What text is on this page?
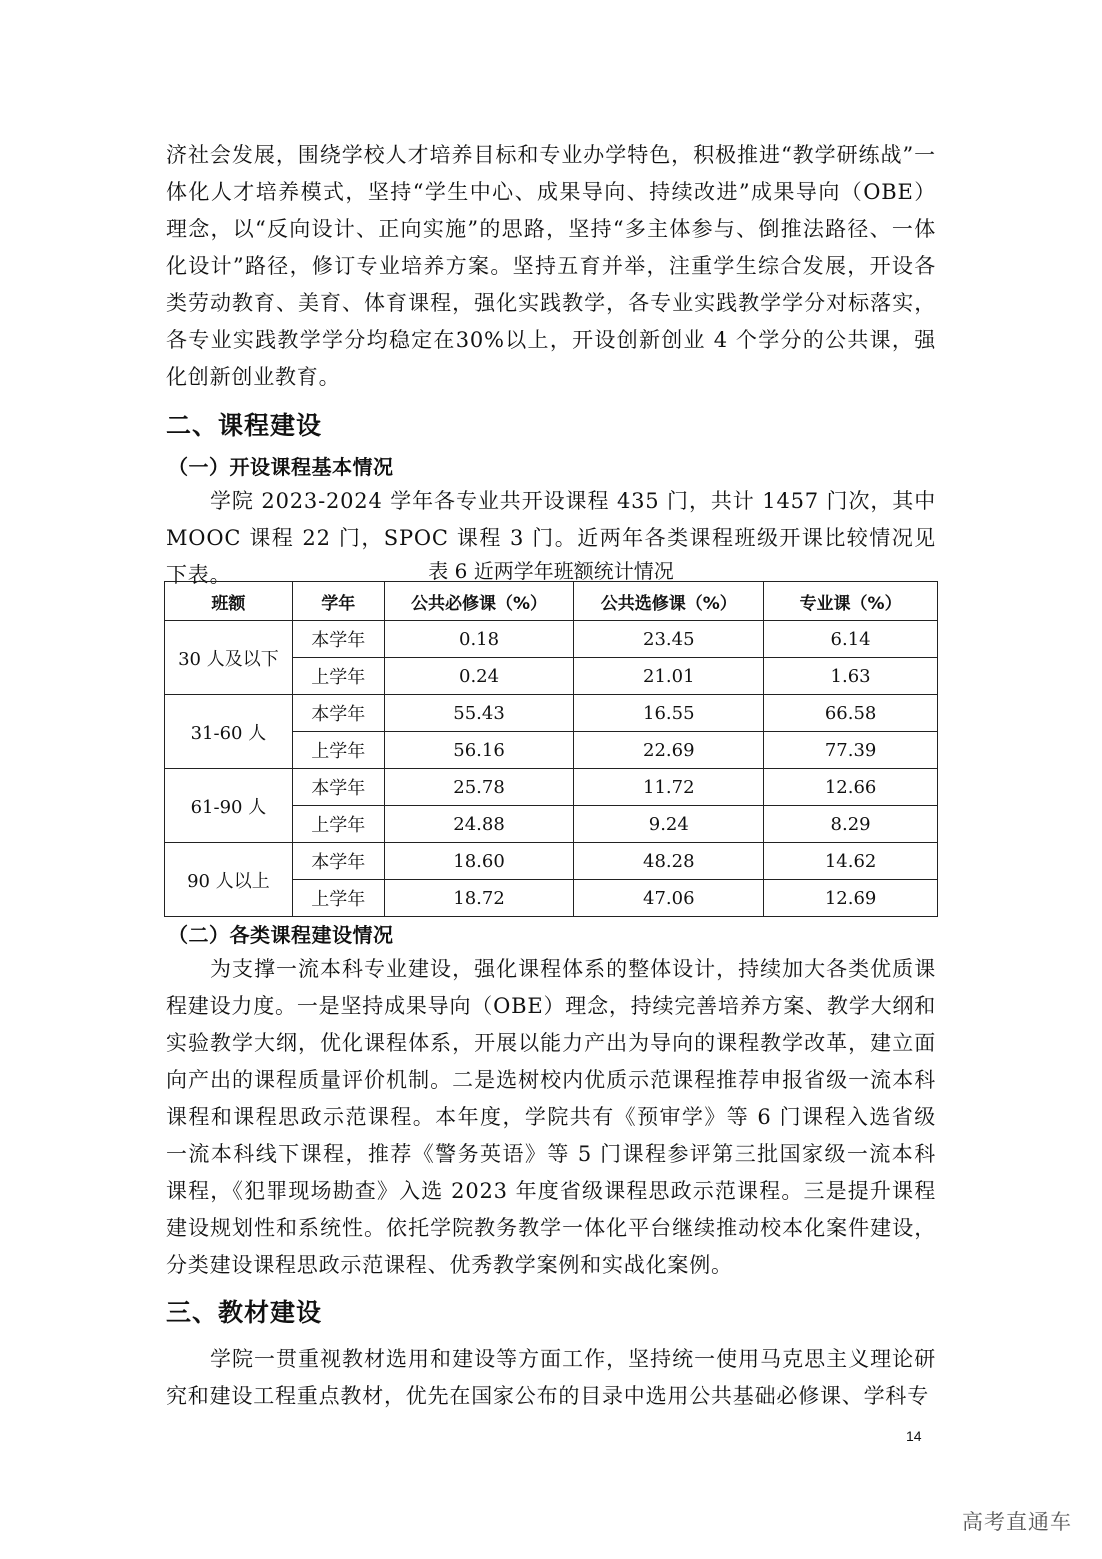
济社会发展，围绕学校人才培养目标和专业办学特色，积极推进“教学研练战”一体化人才培养模式，坚持“学生中心、成果导向、持续改进”成果导向（OBE）理念，以“反向设计、正向实施”的思路，坚持“多主体参与、倒推法路径、一体化设计”路径，修订专业培养方案。坚持五育并举，注重学生综合发展，开设各类劳动教育、美育、体育课程，强化实践教学，各专业实践教学学分对标落实，各专业实践教学学分均稳定在30%以上，开设创新创业 4 个学分的公共课，强化创新创业教育。

二、课程建设
（一）开设课程基本情况

学院 2023-2024 学年各专业共开设课程 435 门，共计 1457 门次，其中 MOOC 课程 22 门，SPOC 课程 3 门。近两年各类课程班级开课比较情况见下表。	表 6 近两学年班额统计情况
班额	学年	公共必修课（%）	公共选修课（%）	专业课（%）
30 人及以下	本学年	0.18	23.45	6.14
	上学年	0.24	21.01	1.63
31-60 人	本学年	55.43	16.55	66.58
	上学年	56.16	22.69	77.39
61-90 人	本学年	25.78	11.72	12.66
	上学年	24.88	9.24	8.29
90 人以上	本学年	18.60	48.28	14.62
	上学年	18.72	47.06	12.69
（二）各类课程建设情况

为支撑一流本科专业建设，强化课程体系的整体设计，持续加大各类优质课程建设力度。一是坚持成果导向（OBE）理念，持续完善培养方案、教学大纲和实验教学大纲，优化课程体系，开展以能力产出为导向的课程教学改革，建立面向产出的课程质量评价机制。二是选树校内优质示范课程推荐申报省级一流本科课程和课程思政示范课程。本年度，学院共有《预审学》等 6 门课程入选省级一流本科线下课程，推荐《警务英语》等 5 门课程参评第三批国家级一流本科课程，《犯罪现场勘查》入选 2023 年度省级课程思政示范课程。三是提升课程建设规划性和系统性。依托学院教务教学一体化平台继续推动校本化案件建设，分类建设课程思政示范课程、优秀教学案例和实战化案例。

三、教材建设

学院一贯重视教材选用和建设等方面工作，坚持统一使用马克思主义理论研究和建设工程重点教材，优先在国家公布的目录中选用公共基础必修课、学科专

14
高考直通车
